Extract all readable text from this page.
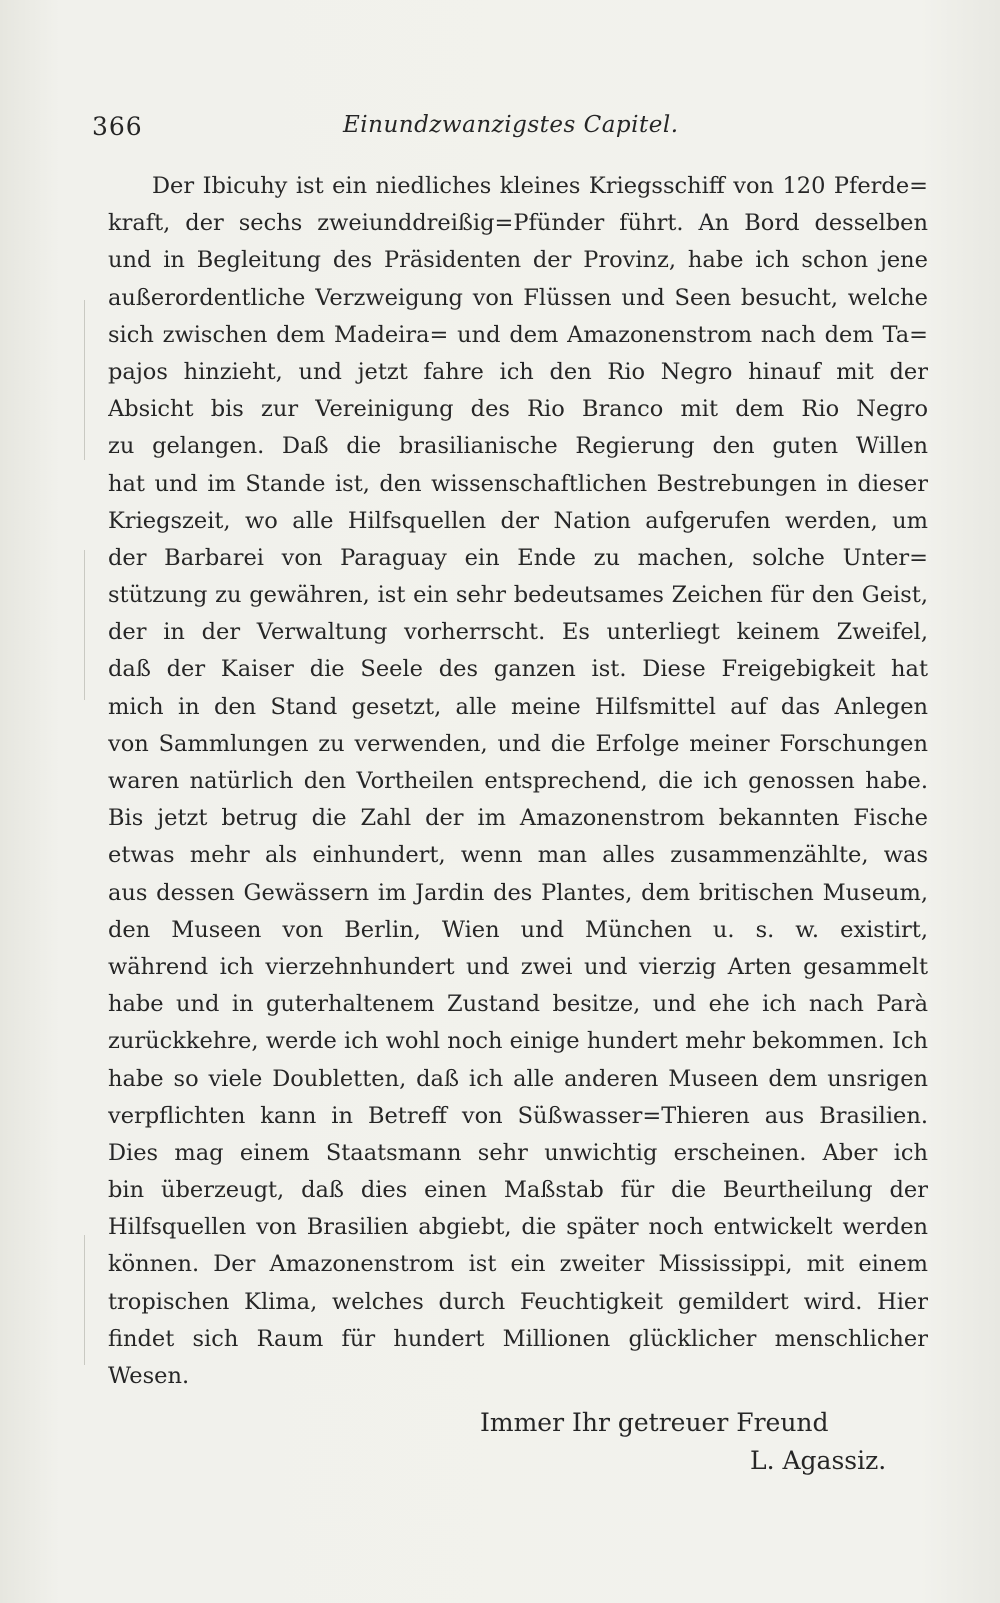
366	Einundzwanzigstes Capitel.
Der Ibicuhy ist ein niedliches kleines Kriegsschiff von 120 Pferde=
kraft, der sechs zweiunddreißig=Pfünder führt. An Bord desselben
und in Begleitung des Präsidenten der Provinz, habe ich schon jene
außerordentliche Verzweigung von Flüssen und Seen besucht, welche
sich zwischen dem Madeira= und dem Amazonenstrom nach dem Ta=
pajos hinzieht, und jetzt fahre ich den Rio Negro hinauf mit der
Absicht bis zur Vereinigung des Rio Branco mit dem Rio Negro
zu gelangen. Daß die brasilianische Regierung den guten Willen
hat und im Stande ist, den wissenschaftlichen Bestrebungen in dieser
Kriegszeit, wo alle Hilfsquellen der Nation aufgerufen werden, um
der Barbarei von Paraguay ein Ende zu machen, solche Unter=
stützung zu gewähren, ist ein sehr bedeutsames Zeichen für den Geist,
der in der Verwaltung vorherrscht. Es unterliegt keinem Zweifel,
daß der Kaiser die Seele des ganzen ist. Diese Freigebigkeit hat
mich in den Stand gesetzt, alle meine Hilfsmittel auf das Anlegen
von Sammlungen zu verwenden, und die Erfolge meiner Forschungen
waren natürlich den Vortheilen entsprechend, die ich genossen habe.
Bis jetzt betrug die Zahl der im Amazonenstrom bekannten Fische
etwas mehr als einhundert, wenn man alles zusammenzählte, was
aus dessen Gewässern im Jardin des Plantes, dem britischen Museum,
den Museen von Berlin, Wien und München u. s. w. existirt,
während ich vierzehnhundert und zwei und vierzig Arten gesammelt
habe und in guterhaltenem Zustand besitze, und ehe ich nach Parà
zurückkehre, werde ich wohl noch einige hundert mehr bekommen. Ich
habe so viele Doubletten, daß ich alle anderen Museen dem unsrigen
verpflichten kann in Betreff von Süßwasser=Thieren aus Brasilien.
Dies mag einem Staatsmann sehr unwichtig erscheinen. Aber ich
bin überzeugt, daß dies einen Maßstab für die Beurtheilung der
Hilfsquellen von Brasilien abgiebt, die später noch entwickelt werden
können. Der Amazonenstrom ist ein zweiter Mississippi, mit einem
tropischen Klima, welches durch Feuchtigkeit gemildert wird. Hier
findet sich Raum für hundert Millionen glücklicher menschlicher
Wesen.
Immer Ihr getreuer Freund
L. Agassiz.
